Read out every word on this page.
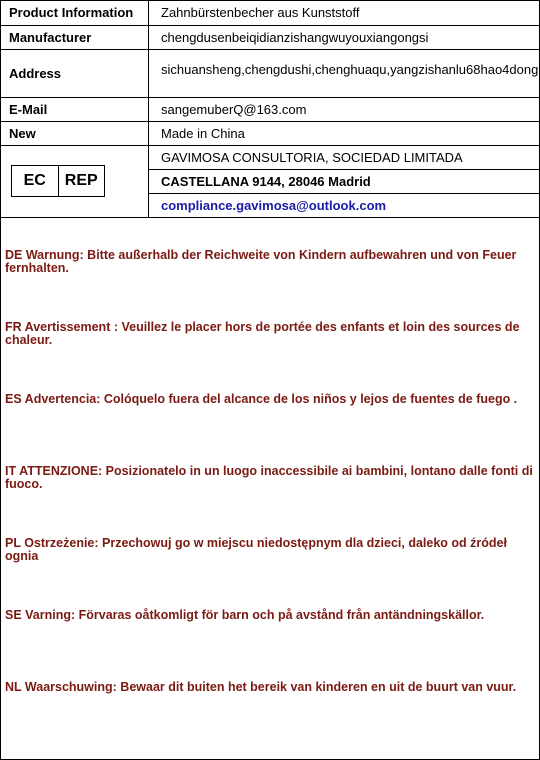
Product Information	Zahnbürstenbecher aus Kunststoff
Manufacturer	chengdusenbeiqidianzishangwuyouxiangongsi
Address	sichuansheng,chengdushi,chenghuaqu,yangzishanlu68hao4dong
E-Mail	sangemuberQ@163.com
New	Made in China

EC REP	GAVIMOSA CONSULTORIA, SOCIEDAD LIMITADA
	CASTELLANA 9144, 28046 Madrid
	compliance.gavimosa@outlook.com
DE Warnung: Bitte außerhalb der Reichweite von Kindern aufbewahren und von Feuer fernhalten.
FR Avertissement : Veuillez le placer hors de portée des enfants et loin des sources de chaleur.
ES Advertencia: Colóquelo fuera del alcance de los niños y lejos de fuentes de fuego .
IT ATTENZIONE: Posizionatelo in un luogo inaccessibile ai bambini, lontano dalle fonti di fuoco.
PL Ostrzeżenie: Przechowuj go w miejscu niedostępnym dla dzieci, daleko od źródeł ognia
SE Varning: Förvaras oåtkomligt för barn och på avstånd från antändningskällor.
NL Waarschuwing: Bewaar dit buiten het bereik van kinderen en uit de buurt van vuur.
